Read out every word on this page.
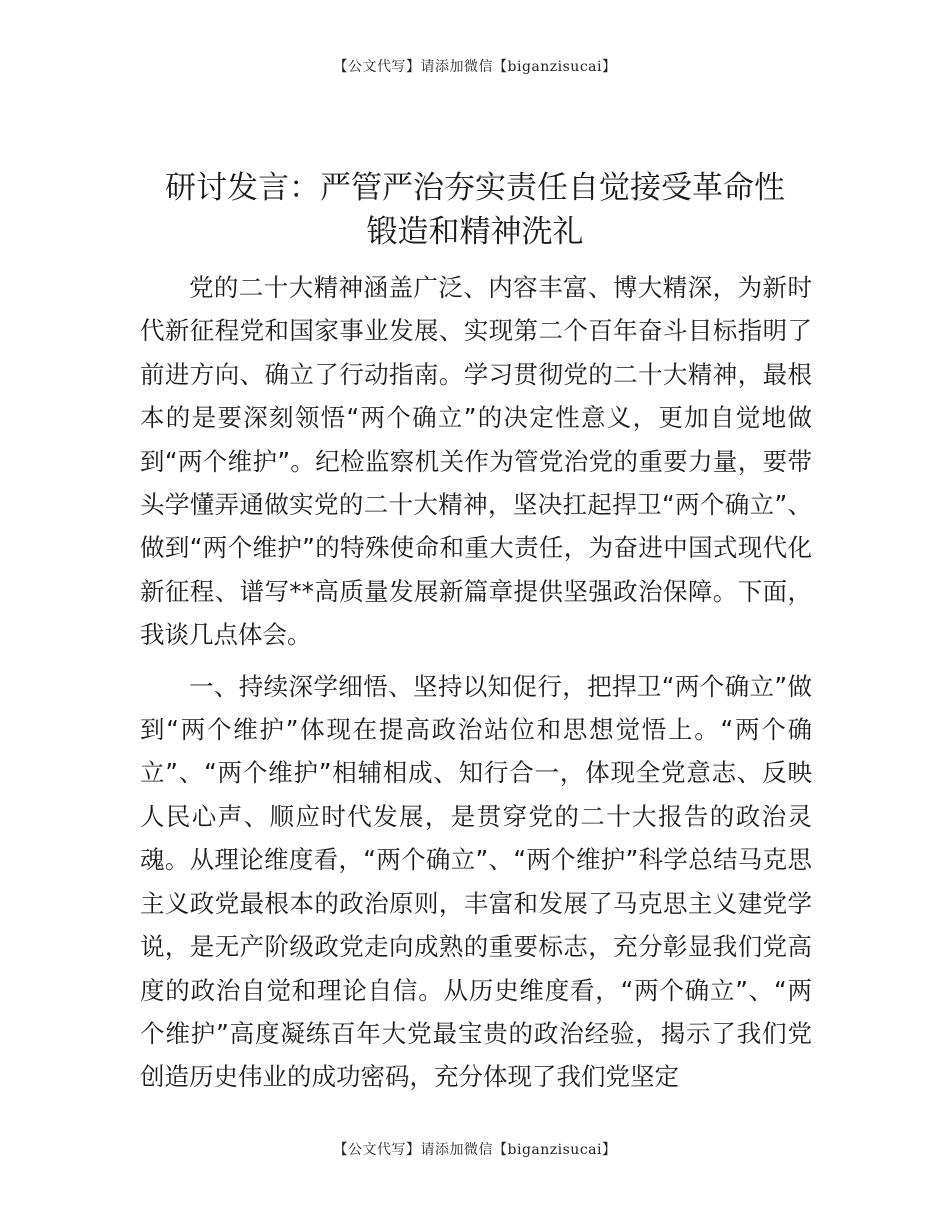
【公文代写】请添加微信【biganzisucai】
研讨发言：严管严治夯实责任自觉接受革命性
锻造和精神洗礼

党的二十大精神涵盖广泛、内容丰富、博大精深，为新时代新征程党和国家事业发展、实现第二个百年奋斗目标指明了前进方向、确立了行动指南。学习贯彻党的二十大精神，最根本的是要深刻领悟“两个确立”的决定性意义，更加自觉地做到“两个维护”。纪检监察机关作为管党治党的重要力量，要带头学懂弄通做实党的二十大精神，坚决扛起捍卫“两个确立”、做到“两个维护”的特殊使命和重大责任，为奋进中国式现代化新征程、谱写**高质量发展新篇章提供坚强政治保障。下面，我谈几点体会。

一、持续深学细悟、坚持以知促行，把捍卫“两个确立”做到“两个维护”体现在提高政治站位和思想觉悟上。“两个确立”、“两个维护”相辅相成、知行合一，体现全党意志、反映人民心声、顺应时代发展，是贯穿党的二十大报告的政治灵魂。从理论维度看，“两个确立”、“两个维护”科学总结马克思主义政党最根本的政治原则，丰富和发展了马克思主义建党学说，是无产阶级政党走向成熟的重要标志，充分彰显我们党高度的政治自觉和理论自信。从历史维度看，“两个确立”、“两个维护”高度凝练百年大党最宝贵的政治经验，揭示了我们党创造历史伟业的成功密码，充分体现了我们党坚定

【公文代写】请添加微信【biganzisucai】
